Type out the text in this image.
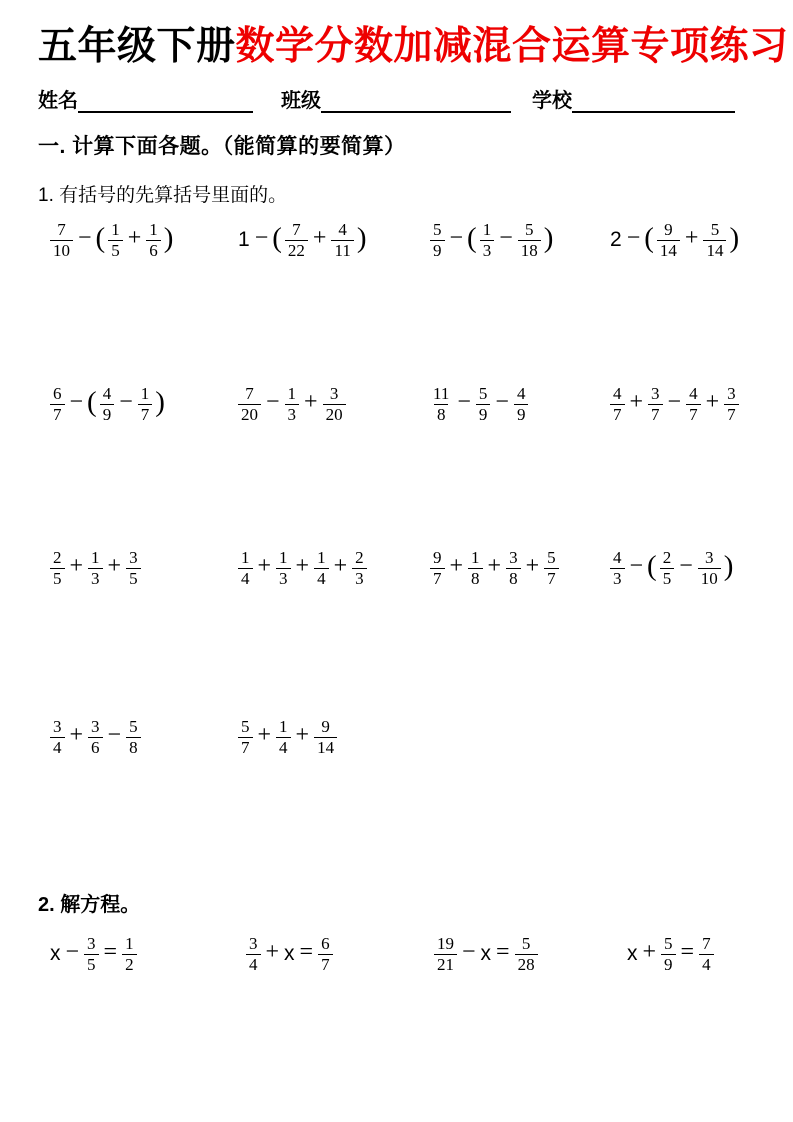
五年级下册数学分数加减混合运算专项练习
姓名	班级	学校
一. 计算下面各题。（能简算的要简算）
1. 有括号的先算括号里面的。
$\frac{7}{10}$ − ( $\frac{1}{5} + \frac{1}{6}$ )	1 − ( $\frac{7}{22} + \frac{4}{11}$ )	$\frac{5}{9}$ − ( $\frac{1}{3} - \frac{5}{18}$ )	2 − ( $\frac{9}{14} + \frac{5}{14}$ )
$\frac{6}{7}$ − ( $\frac{4}{9} - \frac{1}{7}$ )	$\frac{7}{20} - \frac{1}{3} + \frac{3}{20}$	$\frac{11}{8} - \frac{5}{9} - \frac{4}{9}$	$\frac{4}{7} + \frac{3}{7} - \frac{4}{7} + \frac{3}{7}$
$\frac{2}{5} + \frac{1}{3} + \frac{3}{5}$	$\frac{1}{4} + \frac{1}{3} + \frac{1}{4} + \frac{2}{3}$	$\frac{9}{7} + \frac{1}{8} + \frac{3}{8} + \frac{5}{7}$	$\frac{4}{3}$ − ( $\frac{2}{5} - \frac{3}{10}$ )
$\frac{3}{4} + \frac{3}{6} - \frac{5}{8}$	$\frac{5}{7} + \frac{1}{4} + \frac{9}{14}$
2. 解方程。
$x - \frac{3}{5} = \frac{1}{2}$	$\frac{3}{4} + x = \frac{6}{7}$	$\frac{19}{21} - x = \frac{5}{28}$	$x + \frac{5}{9} = \frac{7}{4}$
